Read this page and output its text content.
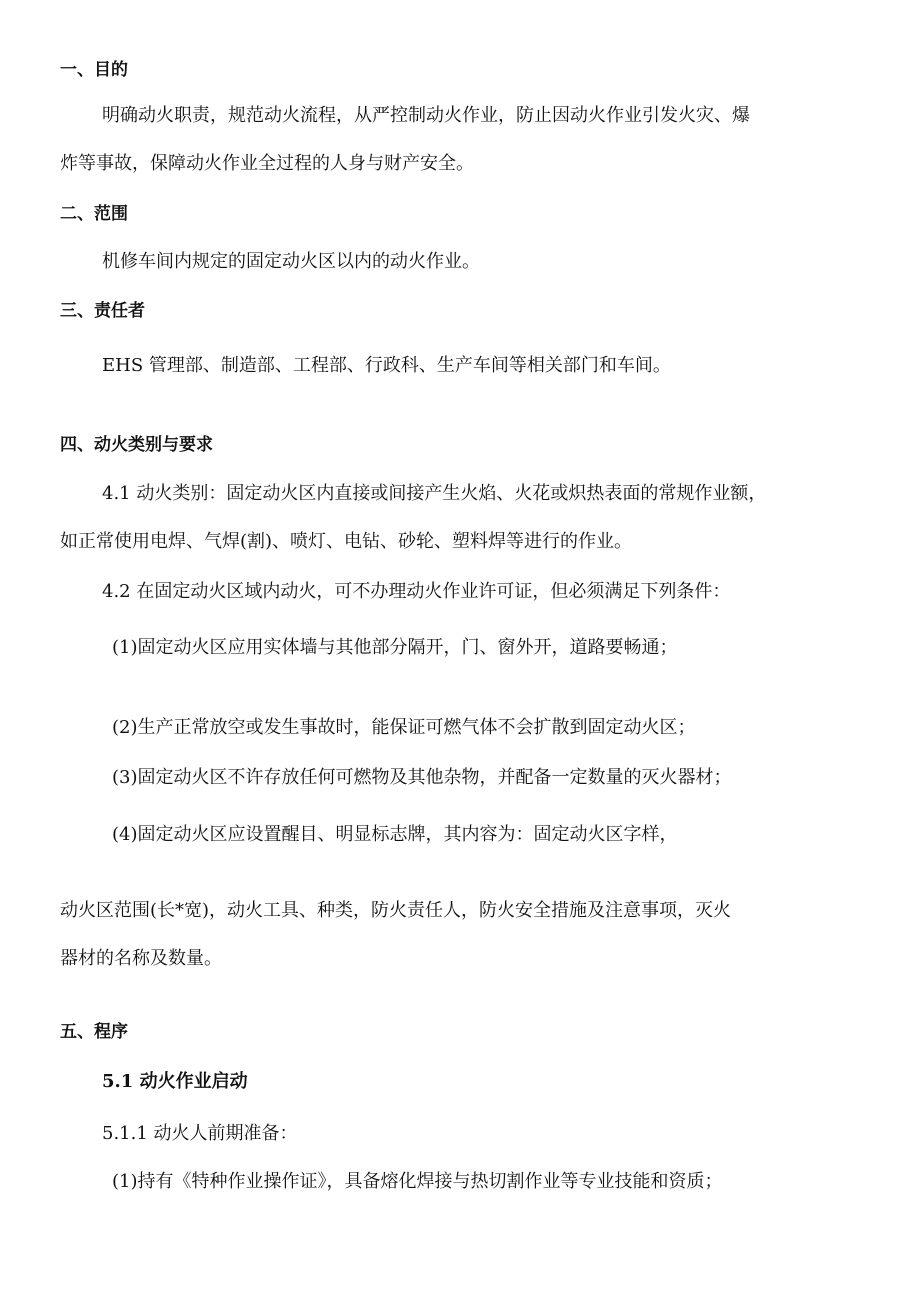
一、目的
明确动火职责，规范动火流程，从严控制动火作业，防止因动火作业引发火灾、爆
炸等事故，保障动火作业全过程的人身与财产安全。
二、范围
机修车间内规定的固定动火区以内的动火作业。
三、责任者
EHS 管理部、制造部、工程部、行政科、生产车间等相关部门和车间。
四、动火类别与要求
4.1 动火类别：固定动火区内直接或间接产生火焰、火花或炽热表面的常规作业额，
如正常使用电焊、气焊(割)、喷灯、电钻、砂轮、塑料焊等进行的作业。
4.2 在固定动火区域内动火，可不办理动火作业许可证，但必须满足下列条件：
(1)固定动火区应用实体墙与其他部分隔开，门、窗外开，道路要畅通；
(2)生产正常放空或发生事故时，能保证可燃气体不会扩散到固定动火区；
(3)固定动火区不许存放任何可燃物及其他杂物，并配备一定数量的灭火器材；
(4)固定动火区应设置醒目、明显标志牌，其内容为：固定动火区字样，
动火区范围(长*宽)，动火工具、种类，防火责任人，防火安全措施及注意事项，灭火
器材的名称及数量。
五、程序
5.1 动火作业启动
5.1.1 动火人前期准备：
(1)持有《特种作业操作证》，具备熔化焊接与热切割作业等专业技能和资质；
